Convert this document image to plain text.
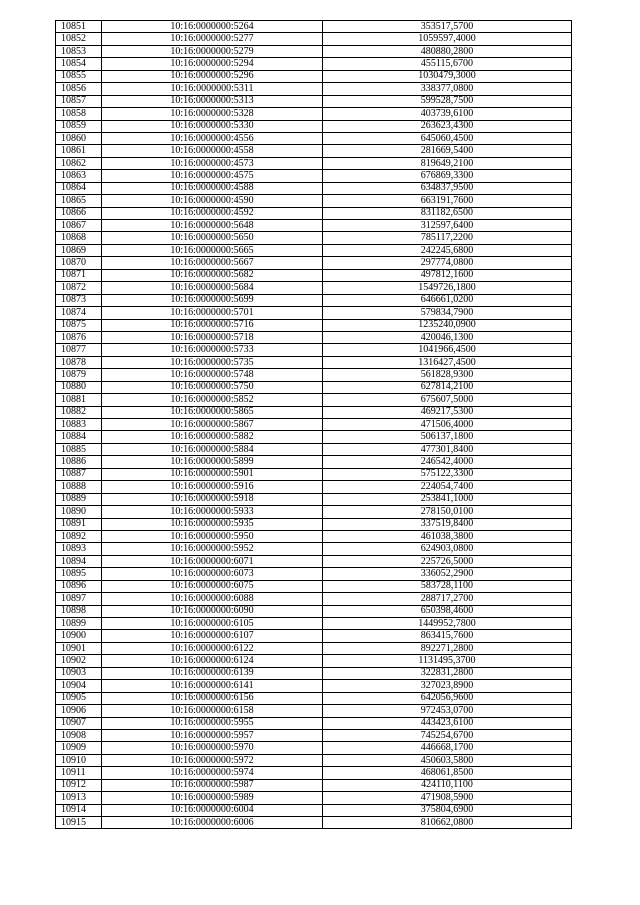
10851	10:16:0000000:5264	353517,5700
10852	10:16:0000000:5277	1059597,4000
10853	10:16:0000000:5279	480880,2800
10854	10:16:0000000:5294	455115,6700
10855	10:16:0000000:5296	1030479,3000
10856	10:16:0000000:5311	338377,0800
10857	10:16:0000000:5313	599528,7500
10858	10:16:0000000:5328	403739,6100
10859	10:16:0000000:5330	263623,4300
10860	10:16:0000000:4556	645060,4500
10861	10:16:0000000:4558	281669,5400
10862	10:16:0000000:4573	819649,2100
10863	10:16:0000000:4575	676869,3300
10864	10:16:0000000:4588	634837,9500
10865	10:16:0000000:4590	663191,7600
10866	10:16:0000000:4592	831182,6500
10867	10:16:0000000:5648	312597,6400
10868	10:16:0000000:5650	785117,2200
10869	10:16:0000000:5665	242245,6800
10870	10:16:0000000:5667	297774,0800
10871	10:16:0000000:5682	497812,1600
10872	10:16:0000000:5684	1549726,1800
10873	10:16:0000000:5699	646661,0200
10874	10:16:0000000:5701	579834,7900
10875	10:16:0000000:5716	1235240,0900
10876	10:16:0000000:5718	420046,1300
10877	10:16:0000000:5733	1041966,4500
10878	10:16:0000000:5735	1316427,4500
10879	10:16:0000000:5748	561828,9300
10880	10:16:0000000:5750	627814,2100
10881	10:16:0000000:5852	675607,5000
10882	10:16:0000000:5865	469217,5300
10883	10:16:0000000:5867	471506,4000
10884	10:16:0000000:5882	506137,1800
10885	10:16:0000000:5884	477301,8400
10886	10:16:0000000:5899	246542,4000
10887	10:16:0000000:5901	575122,3300
10888	10:16:0000000:5916	224054,7400
10889	10:16:0000000:5918	253841,1000
10890	10:16:0000000:5933	278150,0100
10891	10:16:0000000:5935	337519,8400
10892	10:16:0000000:5950	461038,3800
10893	10:16:0000000:5952	624903,0800
10894	10:16:0000000:6071	225726,5000
10895	10:16:0000000:6073	336052,2900
10896	10:16:0000000:6075	583728,1100
10897	10:16:0000000:6088	288717,2700
10898	10:16:0000000:6090	650398,4600
10899	10:16:0000000:6105	1449952,7800
10900	10:16:0000000:6107	863415,7600
10901	10:16:0000000:6122	892271,2800
10902	10:16:0000000:6124	1131495,3700
10903	10:16:0000000:6139	322831,2800
10904	10:16:0000000:6141	327023,8900
10905	10:16:0000000:6156	642056,9600
10906	10:16:0000000:6158	972453,0700
10907	10:16:0000000:5955	443423,6100
10908	10:16:0000000:5957	745254,6700
10909	10:16:0000000:5970	446668,1700
10910	10:16:0000000:5972	450603,5800
10911	10:16:0000000:5974	468061,8500
10912	10:16:0000000:5987	424110,1100
10913	10:16:0000000:5989	471908,5900
10914	10:16:0000000:6004	375804,6900
10915	10:16:0000000:6006	810662,0800
